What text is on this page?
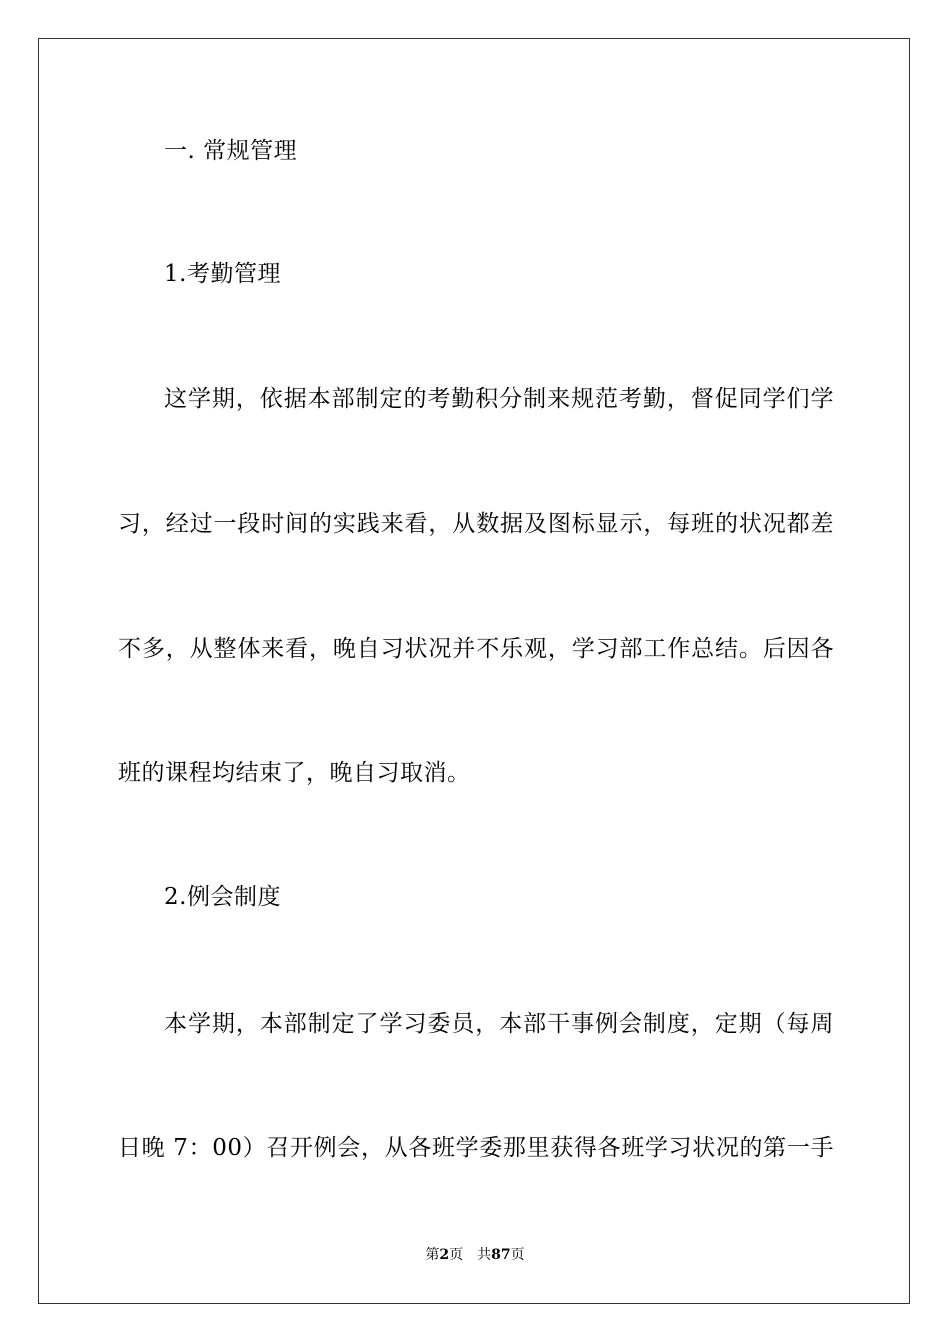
一. 常规管理
1.考勤管理
这学期，依据本部制定的考勤积分制来规范考勤，督促同学们学
习，经过一段时间的实践来看，从数据及图标显示，每班的状况都差
不多，从整体来看，晚自习状况并不乐观，学习部工作总结。后因各
班的课程均结束了，晚自习取消。
2.例会制度
本学期，本部制定了学习委员，本部干事例会制度，定期（每周
日晚 7：00）召开例会，从各班学委那里获得各班学习状况的第一手
第2页 共87页
